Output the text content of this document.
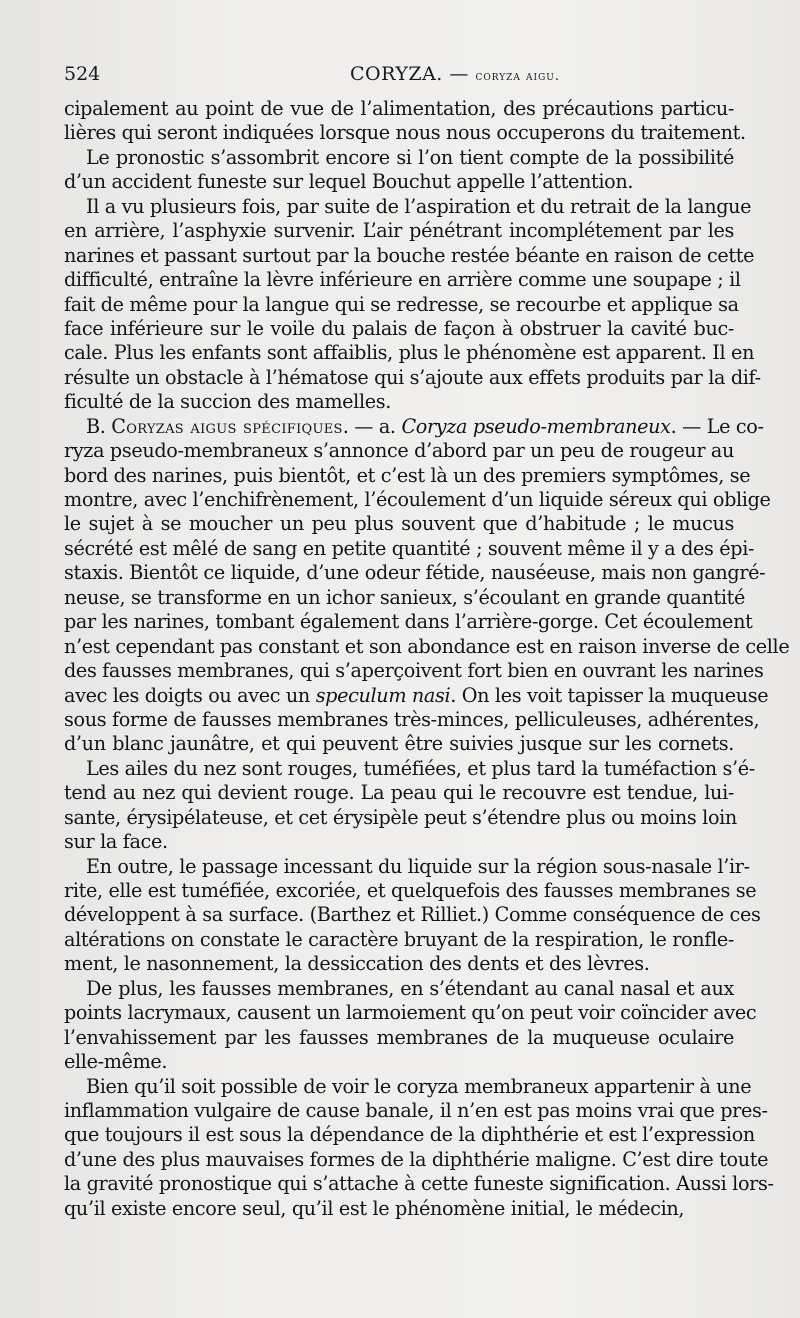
524	CORYZA. — coryza aigu.
cipalement au point de vue de l’alimentation, des précautions particu-
lières qui seront indiquées lorsque nous nous occuperons du traitement.
Le pronostic s’assombrit encore si l’on tient compte de la possibilité
d’un accident funeste sur lequel Bouchut appelle l’attention.
Il a vu plusieurs fois, par suite de l’aspiration et du retrait de la langue
en arrière, l’asphyxie survenir. L’air pénétrant incomplétement par les
narines et passant surtout par la bouche restée béante en raison de cette
difficulté, entraîne la lèvre inférieure en arrière comme une soupape ; il
fait de même pour la langue qui se redresse, se recourbe et applique sa
face inférieure sur le voile du palais de façon à obstruer la cavité buc-
cale. Plus les enfants sont affaiblis, plus le phénomène est apparent. Il en
résulte un obstacle à l’hématose qui s’ajoute aux effets produits par la dif-
ficulté de la succion des mamelles.
B. Coryzas aigus spécifiques. — a. Coryza pseudo-membraneux. — Le co-
ryza pseudo-membraneux s’annonce d’abord par un peu de rougeur au
bord des narines, puis bientôt, et c’est là un des premiers symptômes, se
montre, avec l’enchifrènement, l’écoulement d’un liquide séreux qui oblige
le sujet à se moucher un peu plus souvent que d’habitude ; le mucus
sécrété est mêlé de sang en petite quantité ; souvent même il y a des épi-
staxis. Bientôt ce liquide, d’une odeur fétide, nauséeuse, mais non gangré-
neuse, se transforme en un ichor sanieux, s’écoulant en grande quantité
par les narines, tombant également dans l’arrière-gorge. Cet écoulement
n’est cependant pas constant et son abondance est en raison inverse de celle
des fausses membranes, qui s’aperçoivent fort bien en ouvrant les narines
avec les doigts ou avec un speculum nasi. On les voit tapisser la muqueuse
sous forme de fausses membranes très-minces, pelliculeuses, adhérentes,
d’un blanc jaunâtre, et qui peuvent être suivies jusque sur les cornets.
Les ailes du nez sont rouges, tuméfiées, et plus tard la tuméfaction s’é-
tend au nez qui devient rouge. La peau qui le recouvre est tendue, lui-
sante, érysipélateuse, et cet érysipèle peut s’étendre plus ou moins loin
sur la face.
En outre, le passage incessant du liquide sur la région sous-nasale l’ir-
rite, elle est tuméfiée, excoriée, et quelquefois des fausses membranes se
développent à sa surface. (Barthez et Rilliet.) Comme conséquence de ces
altérations on constate le caractère bruyant de la respiration, le ronfle-
ment, le nasonnement, la dessiccation des dents et des lèvres.
De plus, les fausses membranes, en s’étendant au canal nasal et aux
points lacrymaux, causent un larmoiement qu’on peut voir coïncider avec
l’envahissement par les fausses membranes de la muqueuse oculaire
elle-même.
Bien qu’il soit possible de voir le coryza membraneux appartenir à une
inflammation vulgaire de cause banale, il n’en est pas moins vrai que pres-
que toujours il est sous la dépendance de la diphthérie et est l’expression
d’une des plus mauvaises formes de la diphthérie maligne. C’est dire toute
la gravité pronostique qui s’attache à cette funeste signification. Aussi lors-
qu’il existe encore seul, qu’il est le phénomène initial, le médecin,
